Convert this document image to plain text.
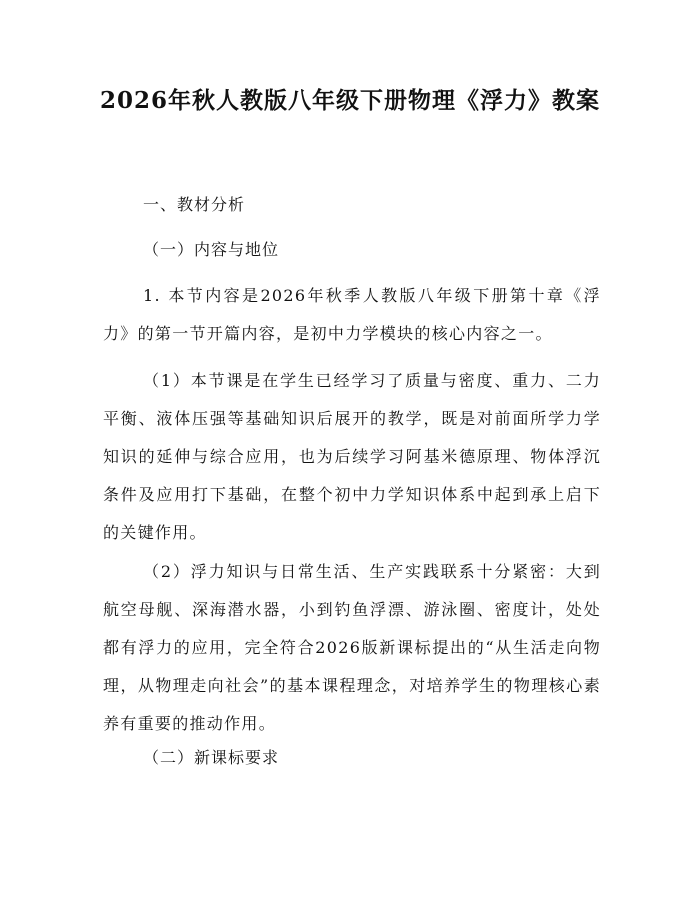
2026年秋人教版八年级下册物理《浮力》教案
一、教材分析
（一）内容与地位
1. 本节内容是2026年秋季人教版八年级下册第十章《浮力》的第一节开篇内容，是初中力学模块的核心内容之一。
（1）本节课是在学生已经学习了质量与密度、重力、二力平衡、液体压强等基础知识后展开的教学，既是对前面所学力学知识的延伸与综合应用，也为后续学习阿基米德原理、物体浮沉条件及应用打下基础，在整个初中力学知识体系中起到承上启下的关键作用。
（2）浮力知识与日常生活、生产实践联系十分紧密：大到航空母舰、深海潜水器，小到钓鱼浮漂、游泳圈、密度计，处处都有浮力的应用，完全符合2026版新课标提出的“从生活走向物理，从物理走向社会”的基本课程理念，对培养学生的物理核心素养有重要的推动作用。
（二）新课标要求
